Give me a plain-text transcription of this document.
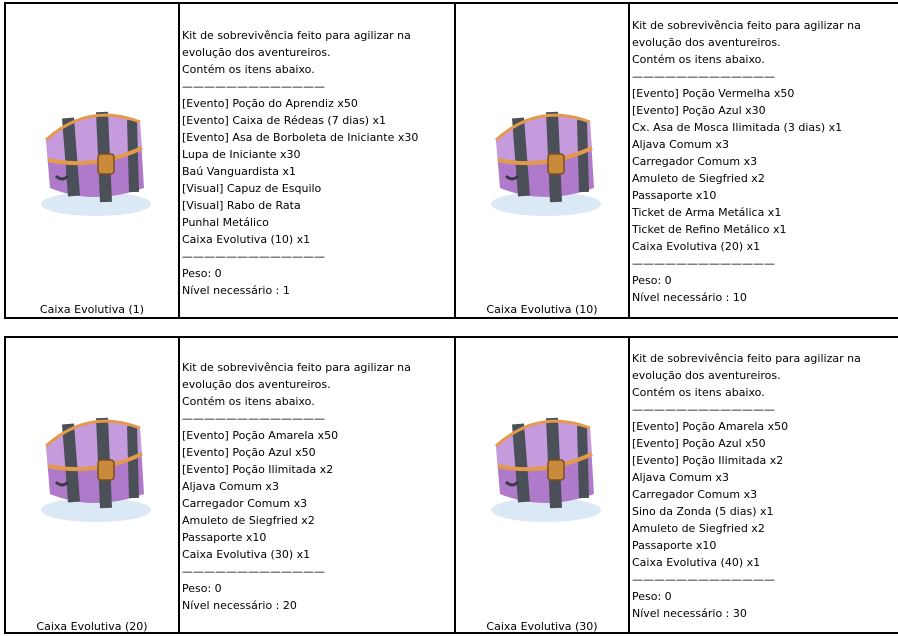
Caixa Evolutiva (1)
Kit de sobrevivência feito para agilizar na
evolução dos aventureiros.
Contém os itens abaixo.
—————————————
[Evento] Poção do Aprendiz x50
[Evento] Caixa de Rédeas (7 dias) x1
[Evento] Asa de Borboleta de Iniciante x30
Lupa de Iniciante x30
Baú Vanguardista x1
[Visual] Capuz de Esquilo
[Visual] Rabo de Rata
Punhal Metálico
Caixa Evolutiva (10) x1
—————————————
Peso: 0
Nível necessário : 1
Caixa Evolutiva (10)
Kit de sobrevivência feito para agilizar na
evolução dos aventureiros.
Contém os itens abaixo.
—————————————
[Evento] Poção Vermelha x50
[Evento] Poção Azul x30
Cx. Asa de Mosca Ilimitada (3 dias) x1
Aljava Comum x3
Carregador Comum x3
Amuleto de Siegfried x2
Passaporte x10
Ticket de Arma Metálica x1
Ticket de Refino Metálico x1
Caixa Evolutiva (20) x1
—————————————
Peso: 0
Nível necessário : 10
Caixa Evolutiva (20)
Kit de sobrevivência feito para agilizar na
evolução dos aventureiros.
Contém os itens abaixo.
—————————————
[Evento] Poção Amarela x50
[Evento] Poção Azul x50
[Evento] Poção Ilimitada x2
Aljava Comum x3
Carregador Comum x3
Amuleto de Siegfried x2
Passaporte x10
Caixa Evolutiva (30) x1
—————————————
Peso: 0
Nível necessário : 20
Caixa Evolutiva (30)
Kit de sobrevivência feito para agilizar na
evolução dos aventureiros.
Contém os itens abaixo.
—————————————
[Evento] Poção Amarela x50
[Evento] Poção Azul x50
[Evento] Poção Ilimitada x2
Aljava Comum x3
Carregador Comum x3
Sino da Zonda (5 dias) x1
Amuleto de Siegfried x2
Passaporte x10
Caixa Evolutiva (40) x1
—————————————
Peso: 0
Nível necessário : 30
